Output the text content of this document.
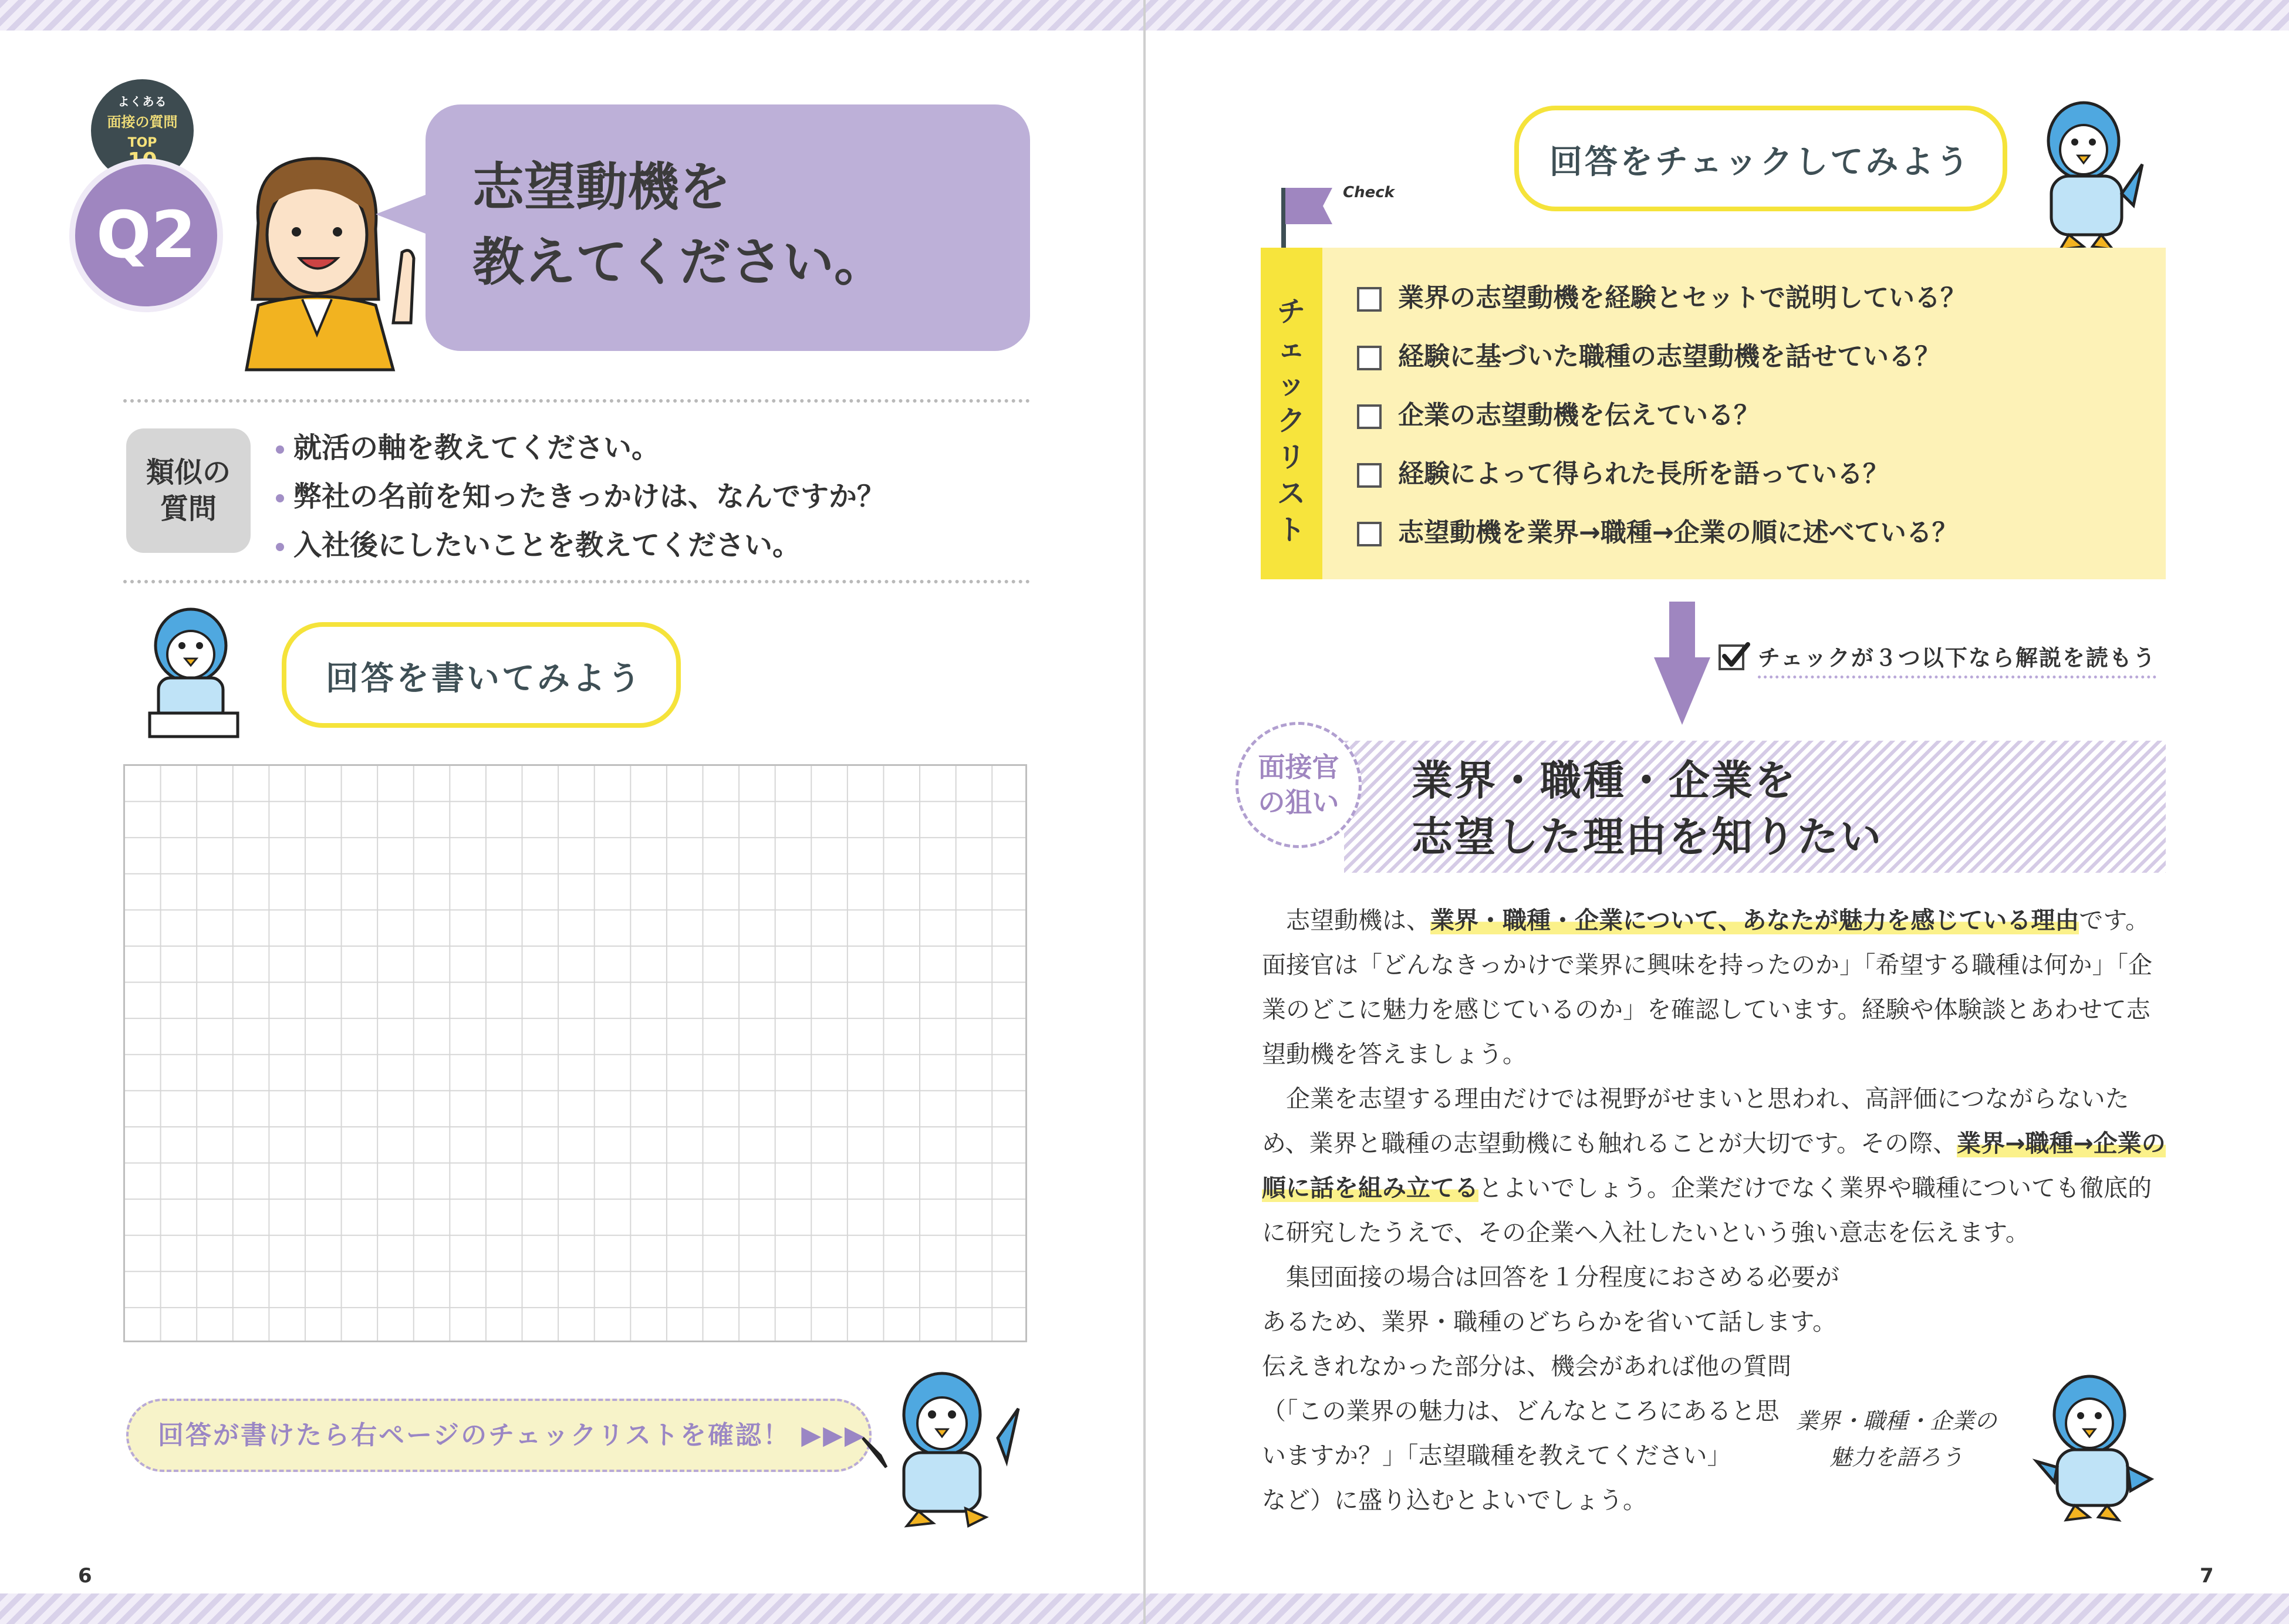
よくある
面接の質問
TOP
Q2
志望動機を
教えてください。
類似の
質問
就活の軸を教えてください。
弊社の名前を知ったきっかけは、なんですか？
入社後にしたいことを教えてください。
回答を書いてみよう
回答が書けたら右ページのチェックリストを確認！ ▶▶▶
6
回答をチェックしてみよう
Check
チェックリスト
業界の志望動機を経験とセットで説明している？
経験に基づいた職種の志望動機を話せている？
企業の志望動機を伝えている？
経験によって得られた長所を語っている？
志望動機を業界→職種→企業の順に述べている？
チェックが３つ以下なら解説を読もう
面接官
の狙い	業界・職種・企業を
志望した理由を知りたい

　志望動機は、業界・職種・企業について、あなたが魅力を感じている理由です。面接官は「どんなきっかけで業界に興味を持ったのか」「希望する職種は何か」「企業のどこに魅力を感じているのか」を確認しています。経験や体験談とあわせて志望動機を答えましょう。

　企業を志望する理由だけでは視野がせまいと思われ、高評価につながらないため、業界と職種の志望動機にも触れることが大切です。その際、業界→職種→企業の順に話を組み立てるとよいでしょう。企業だけでなく業界や職種についても徹底的に研究したうえで、その企業へ入社したいという強い意志を伝えます。

　集団面接の場合は回答を１分程度におさめる必要があるため、業界・職種のどちらかを省いて話します。伝えきれなかった部分は、機会があれば他の質問（「この業界の魅力は、どんなところにあると思

いますか？」「志望職種を教えてください」

など）に盛り込むとよいでしょう。

業界・職種・企業の
魅力を語ろう
7
